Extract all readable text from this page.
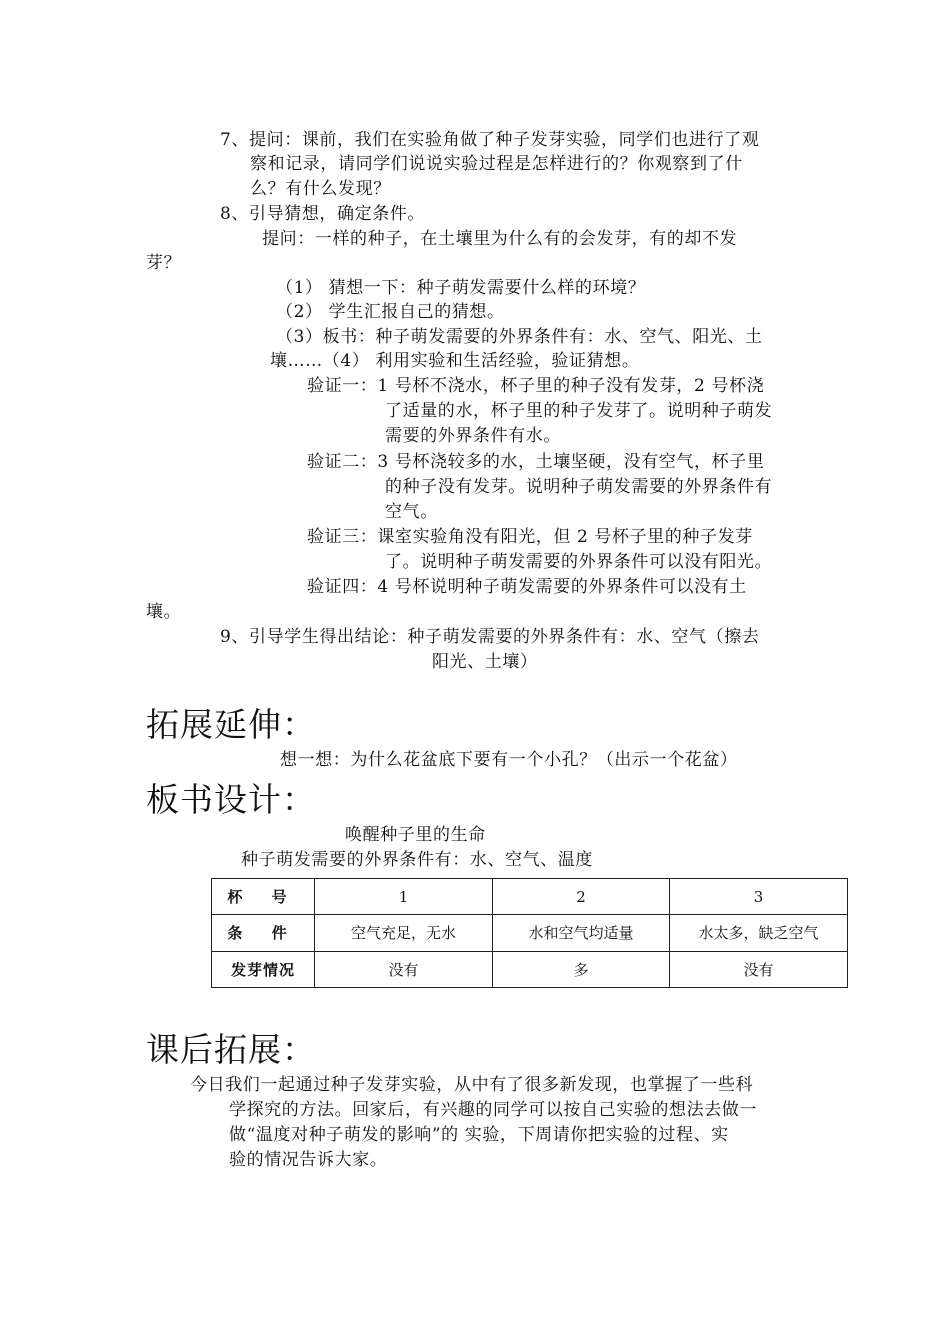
7、提问：课前，我们在实验角做了种子发芽实验，同学们也进行了观
察和记录，请同学们说说实验过程是怎样进行的？你观察到了什
么？有什么发现？
8、引导猜想，确定条件。
提问：一样的种子，在土壤里为什么有的会发芽，有的却不发
芽？
（1） 猜想一下：种子萌发需要什么样的环境？
（2） 学生汇报自己的猜想。
（3）板书：种子萌发需要的外界条件有：水、空气、阳光、土
壤……（4） 利用实验和生活经验，验证猜想。
验证一：1 号杯不浇水，杯子里的种子没有发芽，2 号杯浇
了适量的水，杯子里的种子发芽了。说明种子萌发
需要的外界条件有水。
验证二：3 号杯浇较多的水，土壤坚硬，没有空气，杯子里
的种子没有发芽。说明种子萌发需要的外界条件有
空气。
验证三：课室实验角没有阳光，但 2 号杯子里的种子发芽
了。说明种子萌发需要的外界条件可以没有阳光。
验证四：4 号杯说明种子萌发需要的外界条件可以没有土
壤。
9、引导学生得出结论：种子萌发需要的外界条件有：水、空气（擦去
阳光、土壤）
拓展延伸：
想一想：为什么花盆底下要有一个小孔？（出示一个花盆）
板书设计：
唤醒种子里的生命
种子萌发需要的外界条件有：水、空气、温度
杯 号	1	2	3
条 件	空气充足，无水	水和空气均适量	水太多，缺乏空气
发芽情况	没有	多	没有
课后拓展：
今日我们一起通过种子发芽实验，从中有了很多新发现，也掌握了一些科
学探究的方法。回家后，有兴趣的同学可以按自己实验的想法去做一
做“温度对种子萌发的影响”的 实验，下周请你把实验的过程、实
验的情况告诉大家。
